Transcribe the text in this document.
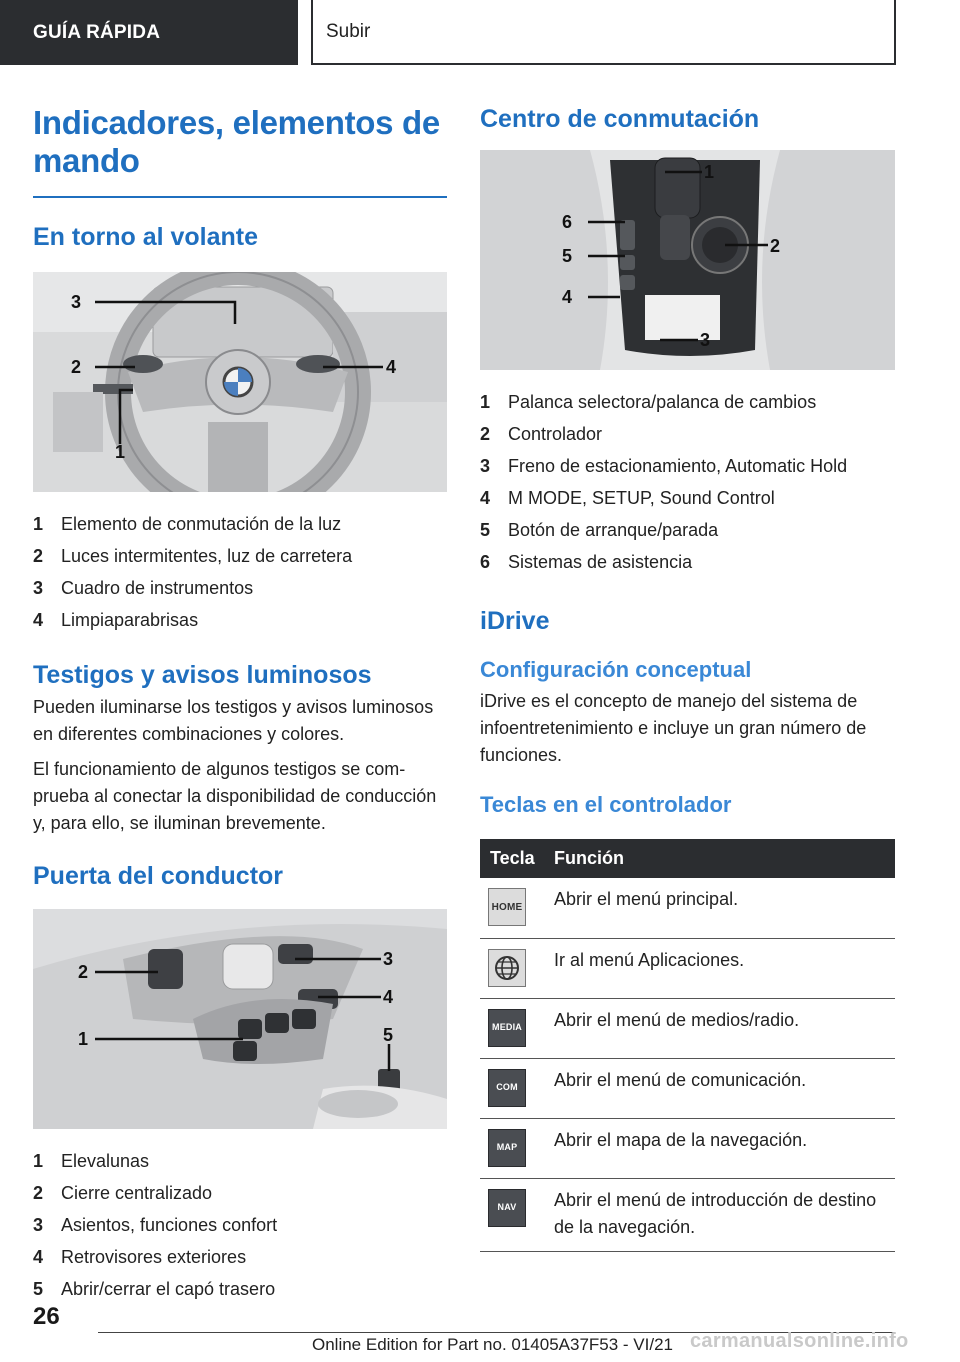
GUÍA RÁPIDA	Subir
Indicadores, elementos de mando
En torno al volante
3
2	4
1
1 Elemento de conmutación de la luz
2 Luces intermitentes, luz de carretera
3 Cuadro de instrumentos
4 Limpiaparabrisas
Testigos y avisos luminosos

Pueden iluminarse los testigos y avisos luminosos en diferentes combinaciones y colores.

El funcionamiento de algunos testigos se comprueba al conectar la disponibilidad de conducción y, para ello, se iluminan brevemente.

Puerta del conductor
2
3
4
1	5
1 Elevalunas
2 Cierre centralizado
3 Asientos, funciones confort
4 Retrovisores exteriores
5 Abrir/cerrar el capó trasero
Centro de conmutación
1
2
3
4
5
6
1 Palanca selectora/palanca de cambios
2 Controlador
3 Freno de estacionamiento, Automatic Hold
4 M MODE, SETUP, Sound Control
5 Botón de arranque/parada
6 Sistemas de asistencia
iDrive
Configuración conceptual

iDrive es el concepto de manejo del sistema de infoentretenimiento e incluye un gran número de funciones.

Teclas en el controlador
Tecla	Función

HOME	Abrir el menú principal.

	Ir al menú Aplicaciones.

MEDIA	Abrir el menú de medios/radio.

COM	Abrir el menú de comunicación.

MAP	Abrir el mapa de la navegación.

NAV	Abrir el menú de introducción de destino de la navegación.
26
Online Edition for Part no. 01405A37F53 - VI/21 carmanualsonline.info
